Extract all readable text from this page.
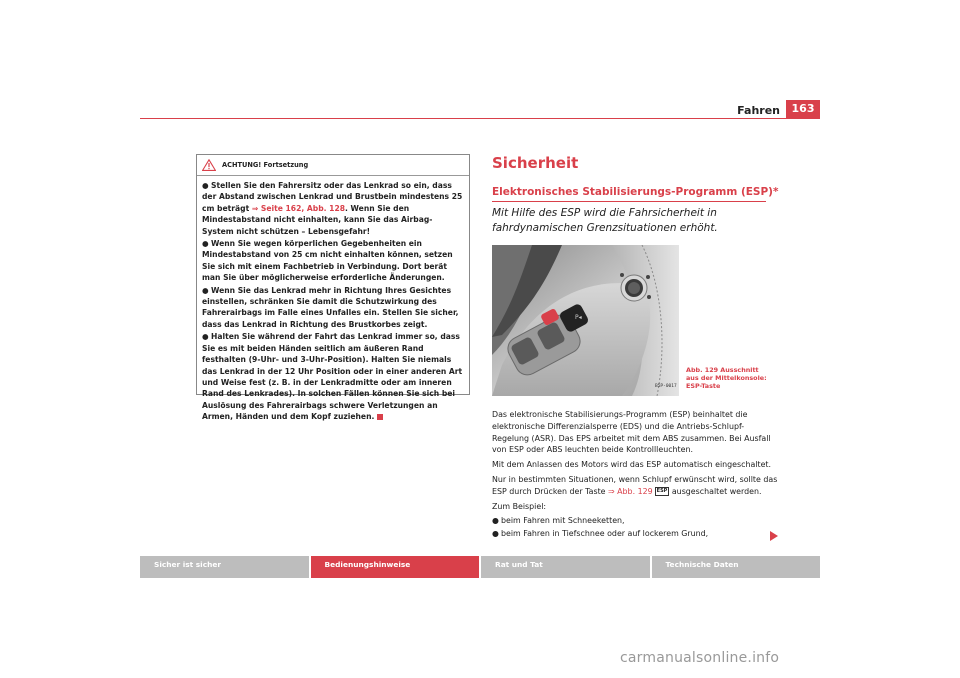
Fahren	163
ACHTUNG! Fortsetzung
● Stellen Sie den Fahrersitz oder das Lenkrad so ein, dass der Abstand zwischen Lenkrad und Brustbein mindestens 25 cm beträgt ⇒ Seite 162, Abb. 128. Wenn Sie den Mindestabstand nicht einhalten, kann Sie das Airbag-System nicht schützen – Lebensgefahr!
● Wenn Sie wegen körperlichen Gegebenheiten ein Mindestabstand von 25 cm nicht einhalten können, setzen Sie sich mit einem Fachbetrieb in Verbindung. Dort berät man Sie über möglicherweise erforderliche Änderungen.
● Wenn Sie das Lenkrad mehr in Richtung Ihres Gesichtes einstellen, schränken Sie damit die Schutzwirkung des Fahrerairbags im Falle eines Unfalles ein. Stellen Sie sicher, dass das Lenkrad in Richtung des Brustkorbes zeigt.
● Halten Sie während der Fahrt das Lenkrad immer so, dass Sie es mit beiden Händen seitlich am äußeren Rand festhalten (9-Uhr- und 3-Uhr-Position). Halten Sie niemals das Lenkrad in der 12 Uhr Position oder in einer anderen Art und Weise fest (z. B. in der Lenkradmitte oder am inneren Rand des Lenkrades). In solchen Fällen können Sie sich bei Auslösung des Fahrerairbags schwere Verletzungen an Armen, Händen und dem Kopf zuziehen.
Sicherheit
Elektronisches Stabilisierungs-Programm (ESP)*
Mit Hilfe des ESP wird die Fahrsicherheit in fahrdynamischen Grenzsituationen erhöht.
P◂
B5P-0017
Abb. 129 Ausschnitt aus der Mittelkonsole: ESP-Taste

Das elektronische Stabilisierungs-Programm (ESP) beinhaltet die elektronische Differenzialsperre (EDS) und die Antriebs-Schlupf-Regelung (ASR). Das EPS arbeitet mit dem ABS zusammen. Bei Ausfall von ESP oder ABS leuchten beide Kontrollleuchten.

Mit dem Anlassen des Motors wird das ESP automatisch eingeschaltet.

Nur in bestimmten Situationen, wenn Schlupf erwünscht wird, sollte das ESP durch Drücken der Taste ⇒ Abb. 129 ESP ausgeschaltet werden.

Zum Beispiel:

● beim Fahren mit Schneeketten,
● beim Fahren in Tiefschnee oder auf lockerem Grund,
Sicher ist sicher	Bedienungshinweise	Rat und Tat	Technische Daten
carmanualsonline.info
